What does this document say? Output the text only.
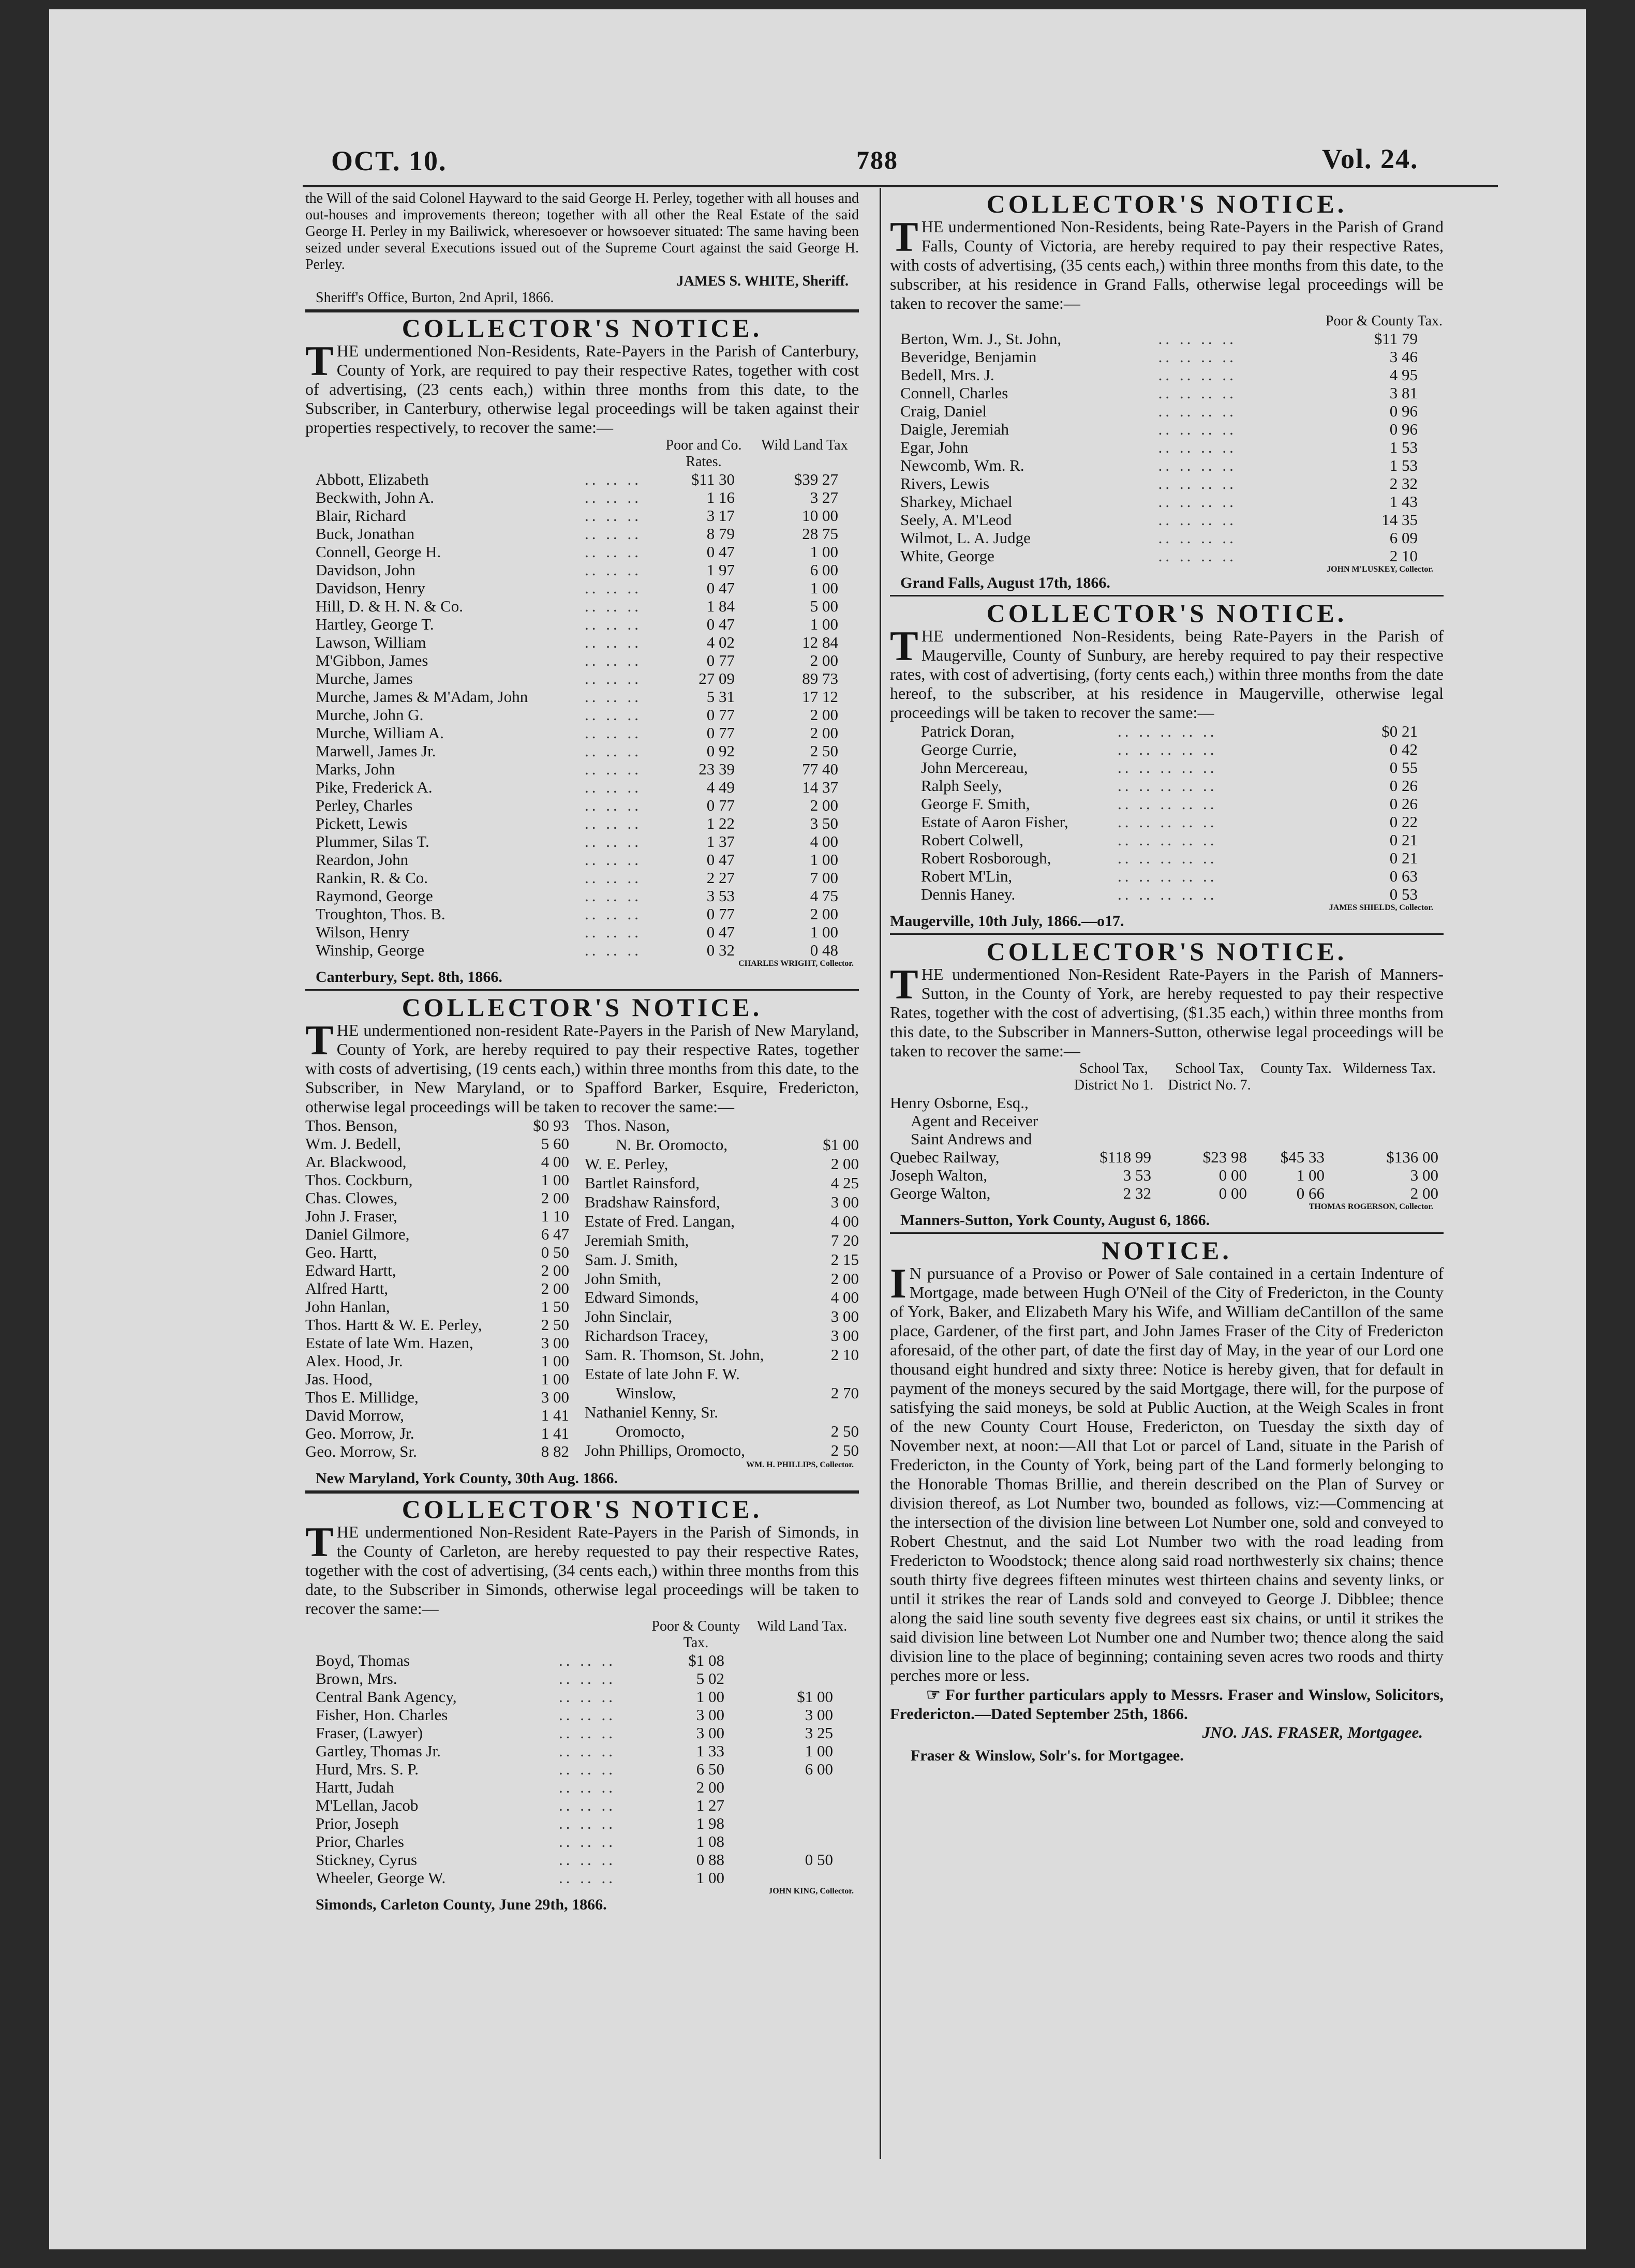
OCT. 10.	788	Vol. 24.

the Will of the said Colonel Hayward to the said George H. Perley, together with all houses and out-houses and improvements thereon; together with all other the Real Estate of the said George H. Perley in my Bailiwick, wheresoever or howsoever situated: The same having been seized under several Executions issued out of the Supreme Court against the said George H. Perley.

JAMES S. WHITE, Sheriff.
Sheriff's Office, Burton, 2nd April, 1866.
COLLECTOR'S NOTICE.

THE undermentioned Non-Residents, Rate-Payers in the Parish of Canterbury, County of York, are required to pay their respective Rates, together with cost of advertising, (23 cents each,) within three months from this date, to the Subscriber, in Canterbury, otherwise legal proceedings will be taken against their properties respectively, to recover the same:—

		Poor and Co. Rates.	Wild Land Tax
Abbott, Elizabeth	.. .. ..	$11 30	$39 27
Beckwith, John A.	.. .. ..	1 16	3 27
Blair, Richard	.. .. ..	3 17	10 00
Buck, Jonathan	.. .. ..	8 79	28 75
Connell, George H.	.. .. ..	0 47	1 00
Davidson, John	.. .. ..	1 97	6 00
Davidson, Henry	.. .. ..	0 47	1 00
Hill, D. & H. N. & Co.	.. .. ..	1 84	5 00
Hartley, George T.	.. .. ..	0 47	1 00
Lawson, William	.. .. ..	4 02	12 84
M'Gibbon, James	.. .. ..	0 77	2 00
Murche, James	.. .. ..	27 09	89 73
Murche, James & M'Adam, John	.. .. ..	5 31	17 12
Murche, John G.	.. .. ..	0 77	2 00
Murche, William A.	.. .. ..	0 77	2 00
Marwell, James Jr.	.. .. ..	0 92	2 50
Marks, John	.. .. ..	23 39	77 40
Pike, Frederick A.	.. .. ..	4 49	14 37
Perley, Charles	.. .. ..	0 77	2 00
Pickett, Lewis	.. .. ..	1 22	3 50
Plummer, Silas T.	.. .. ..	1 37	4 00
Reardon, John	.. .. ..	0 47	1 00
Rankin, R. & Co.	.. .. ..	2 27	7 00
Raymond, George	.. .. ..	3 53	4 75
Troughton, Thos. B.	.. .. ..	0 77	2 00
Wilson, Henry	.. .. ..	0 47	1 00
Winship, George	.. .. ..	0 32	0 48
CHARLES WRIGHT, Collector.
Canterbury, Sept. 8th, 1866.
COLLECTOR'S NOTICE.

THE undermentioned non-resident Rate-Payers in the Parish of New Maryland, County of York, are hereby required to pay their respective Rates, together with costs of advertising, (19 cents each,) within three months from this date, to the Subscriber, in New Maryland, or to Spafford Barker, Esquire, Fredericton, otherwise legal proceedings will be taken to recover the same:—

Thos. Benson,	$0 93
Wm. J. Bedell,	5 60
Ar. Blackwood,	4 00
Thos. Cockburn,	1 00
Chas. Clowes,	2 00
John J. Fraser,	1 10
Daniel Gilmore,	6 47
Geo. Hartt,	0 50
Edward Hartt,	2 00
Alfred Hartt,	2 00
John Hanlan,	1 50
Thos. Hartt & W. E. Perley,	2 50
Estate of late Wm. Hazen,	3 00
Alex. Hood, Jr.	1 00
Jas. Hood,	1 00
Thos E. Millidge,	3 00
David Morrow,	1 41
Geo. Morrow, Jr.	1 41
Geo. Morrow, Sr.	8 82
Thos. Nason,	
N. Br. Oromocto,	$1 00
W. E. Perley,	2 00
Bartlet Rainsford,	4 25
Bradshaw Rainsford,	3 00
Estate of Fred. Langan,	4 00
Jeremiah Smith,	7 20
Sam. J. Smith,	2 15
John Smith,	2 00
Edward Simonds,	4 00
John Sinclair,	3 00
Richardson Tracey,	3 00
Sam. R. Thomson, St. John,	2 10
Estate of late John F. W.	
Winslow,	2 70
Nathaniel Kenny, Sr.	
Oromocto,	2 50
John Phillips, Oromocto,	2 50
WM. H. PHILLIPS, Collector.
New Maryland, York County, 30th Aug. 1866.
COLLECTOR'S NOTICE.

THE undermentioned Non-Resident Rate-Payers in the Parish of Simonds, in the County of Carleton, are hereby requested to pay their respective Rates, together with the cost of advertising, (34 cents each,) within three months from this date, to the Subscriber in Simonds, otherwise legal proceedings will be taken to recover the same:—

		Poor & County Tax.	Wild Land Tax.
Boyd, Thomas	.. .. ..	$1 08	
Brown, Mrs.	.. .. ..	5 02	
Central Bank Agency,	.. .. ..	1 00	$1 00
Fisher, Hon. Charles	.. .. ..	3 00	3 00
Fraser, (Lawyer)	.. .. ..	3 00	3 25
Gartley, Thomas Jr.	.. .. ..	1 33	1 00
Hurd, Mrs. S. P.	.. .. ..	6 50	6 00
Hartt, Judah	.. .. ..	2 00	
M'Lellan, Jacob	.. .. ..	1 27	
Prior, Joseph	.. .. ..	1 98	
Prior, Charles	.. .. ..	1 08	
Stickney, Cyrus	.. .. ..	0 88	0 50
Wheeler, George W.	.. .. ..	1 00	
JOHN KING, Collector.
Simonds, Carleton County, June 29th, 1866.
COLLECTOR'S NOTICE.

THE undermentioned Non-Residents, being Rate-Payers in the Parish of Grand Falls, County of Victoria, are hereby required to pay their respective Rates, with costs of advertising, (35 cents each,) within three months from this date, to the subscriber, at his residence in Grand Falls, otherwise legal proceedings will be taken to recover the same:—

		Poor & County Tax.
Berton, Wm. J., St. John,	.. .. .. ..	$11 79
Beveridge, Benjamin	.. .. .. ..	3 46
Bedell, Mrs. J.	.. .. .. ..	4 95
Connell, Charles	.. .. .. ..	3 81
Craig, Daniel	.. .. .. ..	0 96
Daigle, Jeremiah	.. .. .. ..	0 96
Egar, John	.. .. .. ..	1 53
Newcomb, Wm. R.	.. .. .. ..	1 53
Rivers, Lewis	.. .. .. ..	2 32
Sharkey, Michael	.. .. .. ..	1 43
Seely, A. M'Leod	.. .. .. ..	14 35
Wilmot, L. A. Judge	.. .. .. ..	6 09
White, George	.. .. .. ..	2 10
JOHN M'LUSKEY, Collector.
Grand Falls, August 17th, 1866.
COLLECTOR'S NOTICE.

THE undermentioned Non-Residents, being Rate-Payers in the Parish of Maugerville, County of Sunbury, are hereby required to pay their respective rates, with cost of advertising, (forty cents each,) within three months from the date hereof, to the subscriber, at his residence in Maugerville, otherwise legal proceedings will be taken to recover the same:—

Patrick Doran,	.. .. .. .. ..	$0 21
George Currie,	.. .. .. .. ..	0 42
John Mercereau,	.. .. .. .. ..	0 55
Ralph Seely,	.. .. .. .. ..	0 26
George F. Smith,	.. .. .. .. ..	0 26
Estate of Aaron Fisher,	.. .. .. .. ..	0 22
Robert Colwell,	.. .. .. .. ..	0 21
Robert Rosborough,	.. .. .. .. ..	0 21
Robert M'Lin,	.. .. .. .. ..	0 63
Dennis Haney.	.. .. .. .. ..	0 53
JAMES SHIELDS, Collector.
Maugerville, 10th July, 1866.—o17.
COLLECTOR'S NOTICE.

THE undermentioned Non-Resident Rate-Payers in the Parish of Manners-Sutton, in the County of York, are hereby requested to pay their respective Rates, together with the cost of advertising, ($1.35 each,) within three months from this date, to the Subscriber in Manners-Sutton, otherwise legal proceedings will be taken to recover the same:—

	School Tax, District No 1.	School Tax, District No. 7.	County Tax.	Wilderness Tax.
Henry Osborne, Esq.,				
Agent and Receiver				
Saint Andrews and				
Quebec Railway,	$118 99	$23 98	$45 33	$136 00
Joseph Walton,	3 53	0 00	1 00	3 00
George Walton,	2 32	0 00	0 66	2 00
THOMAS ROGERSON, Collector.
Manners-Sutton, York County, August 6, 1866.
NOTICE.

I N pursuance of a Proviso or Power of Sale contained in a certain Indenture of Mortgage, made between Hugh O'Neil of the City of Fredericton, in the County of York, Baker, and Elizabeth Mary his Wife, and William deCantillon of the same place, Gardener, of the first part, and John James Fraser of the City of Fredericton aforesaid, of the other part, of date the first day of May, in the year of our Lord one thousand eight hundred and sixty three: Notice is hereby given, that for default in payment of the moneys secured by the said Mortgage, there will, for the purpose of satisfying the said moneys, be sold at Public Auction, at the Weigh Scales in front of the new County Court House, Fredericton, on Tuesday the sixth day of November next, at noon:—All that Lot or parcel of Land, situate in the Parish of Fredericton, in the County of York, being part of the Land formerly belonging to the Honorable Thomas Brillie, and therein described on the Plan of Survey or division thereof, as Lot Number two, bounded as follows, viz:—Commencing at the intersection of the division line between Lot Number one, sold and conveyed to Robert Chestnut, and the said Lot Number two with the road leading from Fredericton to Woodstock; thence along said road northwesterly six chains; thence south thirty five degrees fifteen minutes west thirteen chains and seventy links, or until it strikes the rear of Lands sold and conveyed to George J. Dibblee; thence along the said line south seventy five degrees east six chains, or until it strikes the said division line between Lot Number one and Number two; thence along the said division line to the place of beginning; containing seven acres two roods and thirty perches more or less.

☞ For further particulars apply to Messrs. Fraser and Winslow, Solicitors, Fredericton.—Dated September 25th, 1866.

JNO. JAS. FRASER, Mortgagee.
Fraser & Winslow, Solr's. for Mortgagee.
